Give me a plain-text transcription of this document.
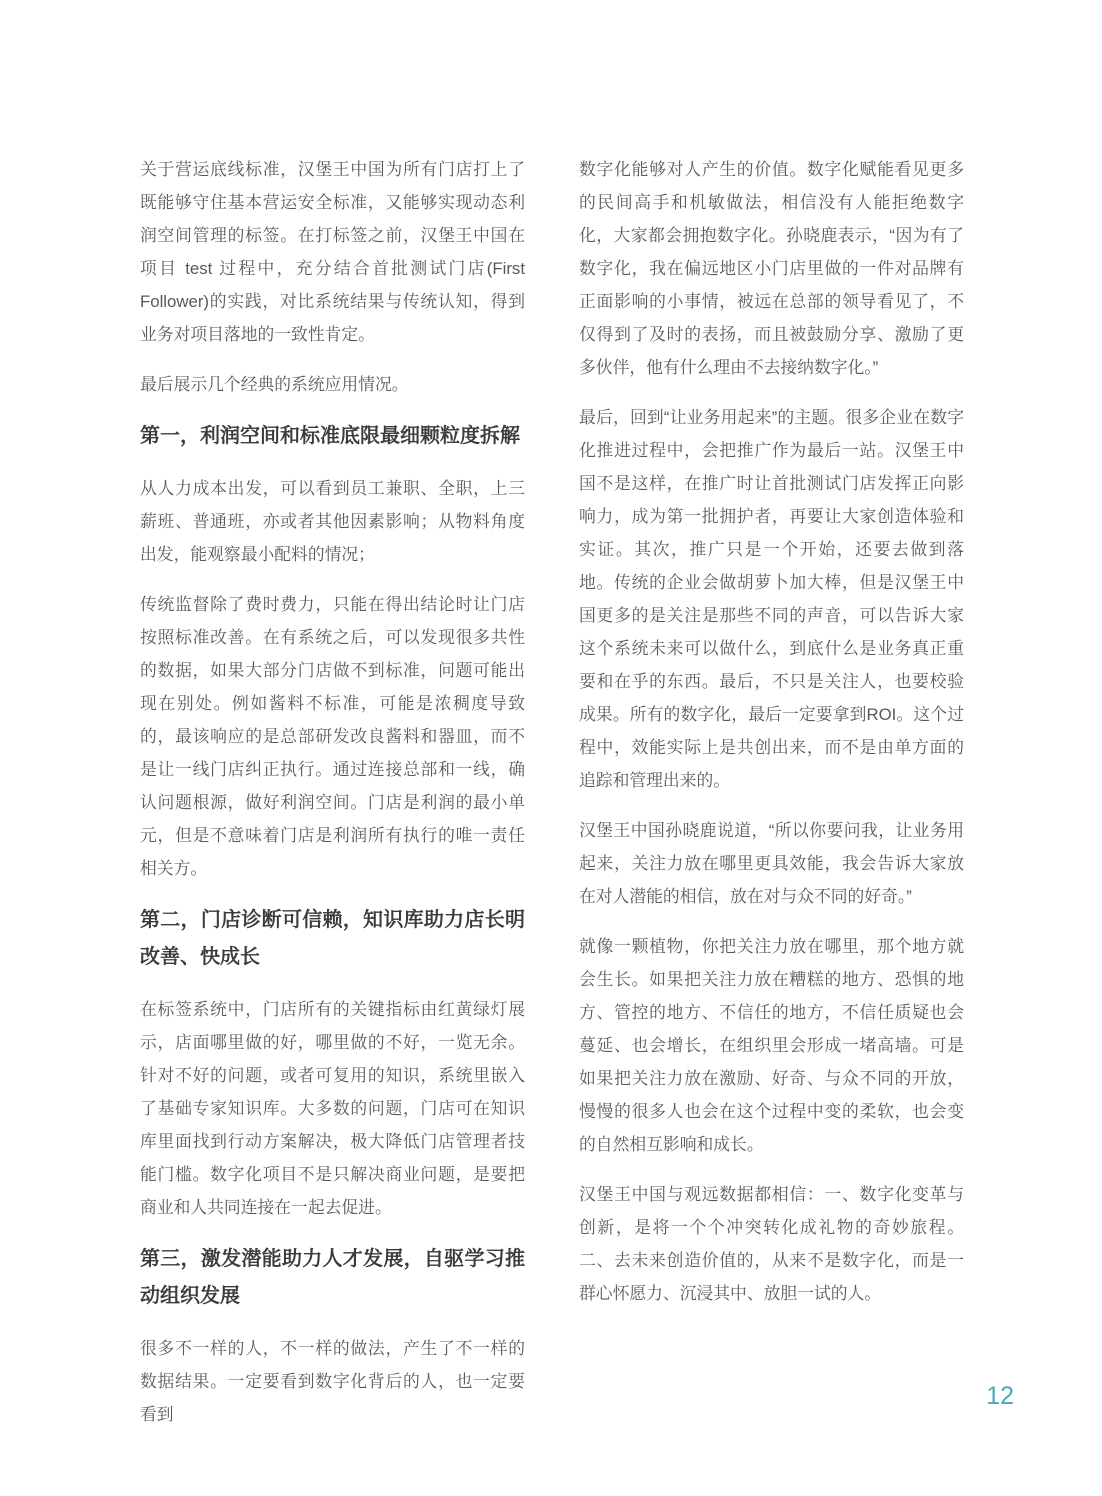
关于营运底线标准，汉堡王中国为所有门店打上了既能够守住基本营运安全标准，又能够实现动态利润空间管理的标签。在打标签之前，汉堡王中国在项目 test 过程中，充分结合首批测试门店(First Follower)的实践，对比系统结果与传统认知，得到业务对项目落地的一致性肯定。

最后展示几个经典的系统应用情况。

第一，利润空间和标准底限最细颗粒度拆解

从人力成本出发，可以看到员工兼职、全职，上三薪班、普通班，亦或者其他因素影响；从物料角度出发，能观察最小配料的情况；

传统监督除了费时费力，只能在得出结论时让门店按照标准改善。在有系统之后，可以发现很多共性的数据，如果大部分门店做不到标准，问题可能出现在别处。例如酱料不标准，可能是浓稠度导致的，最该响应的是总部研发改良酱料和器皿，而不是让一线门店纠正执行。通过连接总部和一线，确认问题根源，做好利润空间。门店是利润的最小单元，但是不意味着门店是利润所有执行的唯一责任相关方。

第二，门店诊断可信赖，知识库助力店长明改善、快成长

在标签系统中，门店所有的关键指标由红黄绿灯展示，店面哪里做的好，哪里做的不好，一览无余。针对不好的问题，或者可复用的知识，系统里嵌入了基础专家知识库。大多数的问题，门店可在知识库里面找到行动方案解决，极大降低门店管理者技能门槛。数字化项目不是只解决商业问题，是要把商业和人共同连接在一起去促进。

第三，激发潜能助力人才发展，自驱学习推动组织发展

很多不一样的人，不一样的做法，产生了不一样的数据结果。一定要看到数字化背后的人，也一定要看到

数字化能够对人产生的价值。数字化赋能看见更多的民间高手和机敏做法，相信没有人能拒绝数字化，大家都会拥抱数字化。孙晓鹿表示，“因为有了数字化，我在偏远地区小门店里做的一件对品牌有正面影响的小事情，被远在总部的领导看见了，不仅得到了及时的表扬，而且被鼓励分享、激励了更多伙伴，他有什么理由不去接纳数字化。”

最后，回到“让业务用起来”的主题。很多企业在数字化推进过程中，会把推广作为最后一站。汉堡王中国不是这样，在推广时让首批测试门店发挥正向影响力，成为第一批拥护者，再要让大家创造体验和实证。其次，推广只是一个开始，还要去做到落地。传统的企业会做胡萝卜加大棒，但是汉堡王中国更多的是关注是那些不同的声音，可以告诉大家这个系统未来可以做什么，到底什么是业务真正重要和在乎的东西。最后，不只是关注人，也要校验成果。所有的数字化，最后一定要拿到ROI。这个过程中，效能实际上是共创出来，而不是由单方面的追踪和管理出来的。

汉堡王中国孙晓鹿说道，“所以你要问我，让业务用起来，关注力放在哪里更具效能，我会告诉大家放在对人潜能的相信，放在对与众不同的好奇。”

就像一颗植物，你把关注力放在哪里，那个地方就会生长。如果把关注力放在糟糕的地方、恐惧的地方、管控的地方、不信任的地方，不信任质疑也会蔓延、也会增长，在组织里会形成一堵高墙。可是如果把关注力放在激励、好奇、与众不同的开放，慢慢的很多人也会在这个过程中变的柔软，也会变的自然相互影响和成长。

汉堡王中国与观远数据都相信：一、数字化变革与创新，是将一个个冲突转化成礼物的奇妙旅程。二、去未来创造价值的，从来不是数字化，而是一群心怀愿力、沉浸其中、放胆一试的人。

12
